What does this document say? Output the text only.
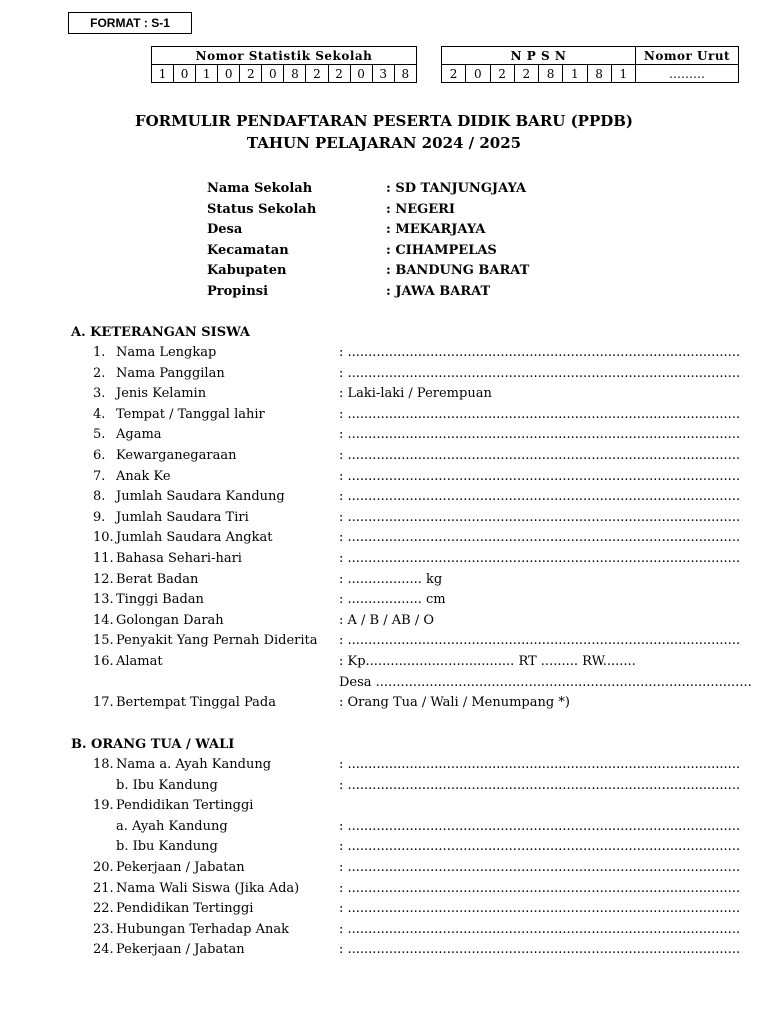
FORMAT : S-1
Nomor Statistik Sekolah
1	0	1	0	2	0	8	2	2	0	3	8
N P S N								Nomor Urut
2	0	2	2	8	1	8	1	………
FORMULIR PENDAFTARAN PESERTA DIDIK BARU (PPDB)
TAHUN PELAJARAN 2024 / 2025
Nama Sekolah	: SD TANJUNGJAYA
Status Sekolah	: NEGERI
Desa	: MEKARJAYA
Kecamatan	: CIHAMPELAS
Kabupaten	: BANDUNG BARAT
Propinsi	: JAWA BARAT
A. KETERANGAN SISWA
1. Nama Lengkap	: ...............................................................................................
2. Nama Panggilan	: ...............................................................................................
3. Jenis Kelamin	: Laki-laki / Perempuan
4. Tempat / Tanggal lahir	: ...............................................................................................
5. Agama	: ...............................................................................................
6. Kewarganegaraan	: ...............................................................................................
7. Anak Ke	: ...............................................................................................
8. Jumlah Saudara Kandung	: ...............................................................................................
9. Jumlah Saudara Tiri	: ...............................................................................................
10. Jumlah Saudara Angkat	: ...............................................................................................
11. Bahasa Sehari-hari	: ...............................................................................................
12. Berat Badan	: .................. kg
13. Tinggi Badan	: .................. cm
14. Golongan Darah	: A / B / AB / O
15. Penyakit Yang Pernah Diderita : ...............................................................................................
16. Alamat	: Kp.................................... RT ......... RW........
Desa ...........................................................................................
17. Bertempat Tinggal Pada	: Orang Tua / Wali / Menumpang *)
B. ORANG TUA / WALI
18. Nama a. Ayah Kandung	: ...............................................................................................
b. Ibu Kandung	: ...............................................................................................
19. Pendidikan Tertinggi
a. Ayah Kandung	: ...............................................................................................
b. Ibu Kandung	: ...............................................................................................
20. Pekerjaan / Jabatan	: ...............................................................................................
21. Nama Wali Siswa (Jika Ada)	: ...............................................................................................
22. Pendidikan Tertinggi	: ...............................................................................................
23. Hubungan Terhadap Anak	: ...............................................................................................
24. Pekerjaan / Jabatan	: ...............................................................................................
